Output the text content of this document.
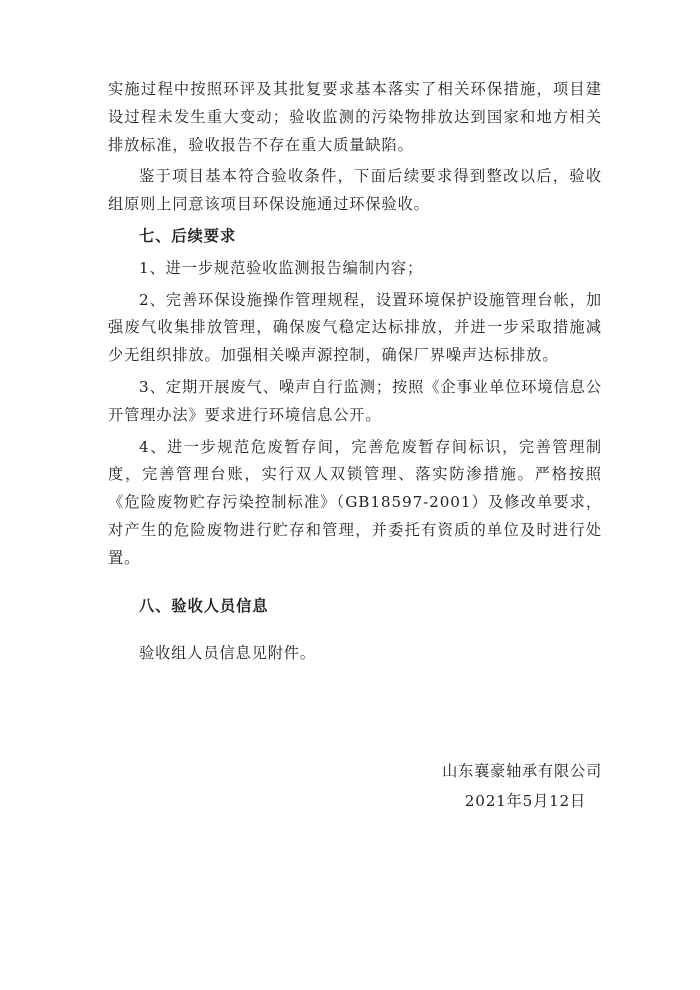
实施过程中按照环评及其批复要求基本落实了相关环保措施，项目建设过程未发生重大变动；验收监测的污染物排放达到国家和地方相关排放标准，验收报告不存在重大质量缺陷。

鉴于项目基本符合验收条件，下面后续要求得到整改以后，验收组原则上同意该项目环保设施通过环保验收。

七、后续要求

1、进一步规范验收监测报告编制内容；

2、完善环保设施操作管理规程，设置环境保护设施管理台帐，加强废气收集排放管理，确保废气稳定达标排放，并进一步采取措施减少无组织排放。加强相关噪声源控制，确保厂界噪声达标排放。

3、定期开展废气、噪声自行监测；按照《企事业单位环境信息公开管理办法》要求进行环境信息公开。

4、进一步规范危废暂存间，完善危废暂存间标识，完善管理制度，完善管理台账，实行双人双锁管理、落实防渗措施。严格按照《危险废物贮存污染控制标准》（GB18597-2001）及修改单要求，对产生的危险废物进行贮存和管理，并委托有资质的单位及时进行处置。

八、验收人员信息

验收组人员信息见附件。

山东襄豪轴承有限公司
2021年5月12日
